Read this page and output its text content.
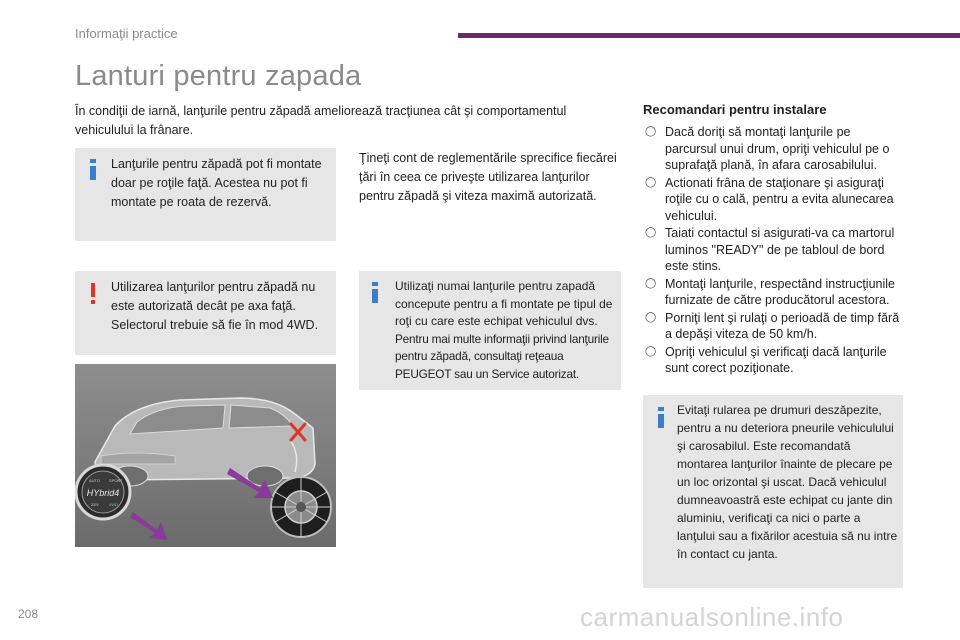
Informaţii practice
Lanturi pentru zapada
În condiţii de iarnă, lanţurile pentru zăpadă ameliorează tracţiunea cât şi comportamentul vehiculului la frânare.
Lanţurile pentru zăpadă pot fi montate doar pe roţile faţă. Acestea nu pot fi montate pe roata de rezervă.
Ţineţi cont de reglementările sprecifice fiecărei ţări în ceea ce priveşte utilizarea lanţurilor pentru zăpadă şi viteza maximă autorizată.
Utilizarea lanţurilor pentru zăpadă nu este autorizată decât pe axa faţă. Selectorul trebuie să fie în mod 4WD.
Utilizaţi numai lanţurile pentru zapadă concepute pentru a fi montate pe tipul de roţi cu care este echipat vehiculul dvs.
Pentru mai multe informaţii privind lanţurile pentru zăpadă, consultaţi reţeaua PEUGEOT sau un Service autorizat.
HYbrid4
AUTO SPORT
ZEV	4WD
Recomandari pentru instalare
◯ Dacă doriţi să montaţi lanţurile pe parcursul unui drum, opriţi vehiculul pe o suprafaţă plană, în afara carosabilului.
◯ Actionati frâna de staţionare şi asiguraţi roţile cu o cală, pentru a evita alunecarea vehicului.
◯ Taiati contactul si asigurati-va ca martorul luminos "READY" de pe tabloul de bord este stins.
◯ Montaţi lanţurile, respectând instrucţiunile furnizate de către producătorul acestora.
◯ Porniţi lent şi rulaţi o perioadă de timp fără a depăşi viteza de 50 km/h.
◯ Opriţi vehiculul şi verificaţi dacă lanţurile sunt corect poziţionate.
Evitaţi rularea pe drumuri deszăpezite, pentru a nu deteriora pneurile vehiculului şi carosabilul. Este recomandată montarea lanţurilor înainte de plecare pe un loc orizontal şi uscat. Dacă vehiculul dumneavoastră este echipat cu jante din aluminiu, verificaţi ca nici o parte a lanţului sau a fixărilor acestuia să nu intre în contact cu janta.
208	carmanualsonline.info
